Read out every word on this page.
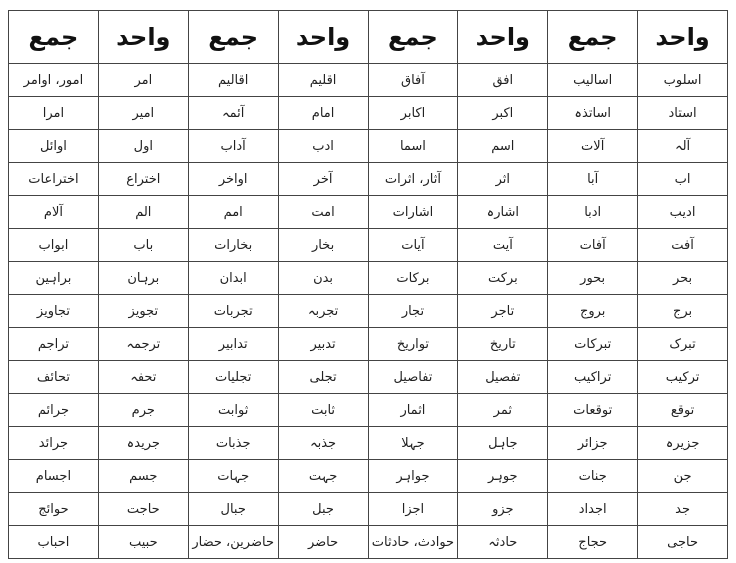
واحد	جمع	واحد	جمع	واحد	جمع	واحد	جمع
اسلوب	اسالیب	افق	آفاق	اقلیم	اقالیم	امر	امور، اوامر
استاد	اساتذہ	اکبر	اکابر	امام	آئمہ	امیر	امرا
آلہ	آلات	اسم	اسما	ادب	آداب	اول	اوائل
اب	آبا	اثر	آثار، اثرات	آخر	اواخر	اختراع	اختراعات
ادیب	ادبا	اشارہ	اشارات	امت	امم	الم	آلام
آفت	آفات	آیت	آیات	بخار	بخارات	باب	ابواب
بحر	بحور	برکت	برکات	بدن	ابدان	برہان	براہین
برج	بروج	تاجر	تجار	تجربہ	تجربات	تجویز	تجاویز
تبرک	تبرکات	تاریخ	تواریخ	تدبیر	تدابیر	ترجمہ	تراجم
ترکیب	تراکیب	تفصیل	تفاصیل	تجلی	تجلیات	تحفہ	تحائف
توقع	توقعات	ثمر	اثمار	ثابت	ثوابت	جرم	جرائم
جزیرہ	جزائر	جاہل	جہلا	جذبہ	جذبات	جریدہ	جرائد
جن	جنات	جوہر	جواہر	جہت	جہات	جسم	اجسام
جد	اجداد	جزو	اجزا	جبل	جبال	حاجت	حوائج
حاجی	حجاج	حادثہ	حوادث، حادثات	حاضر	حاضرین، حضار	حبیب	احباب
